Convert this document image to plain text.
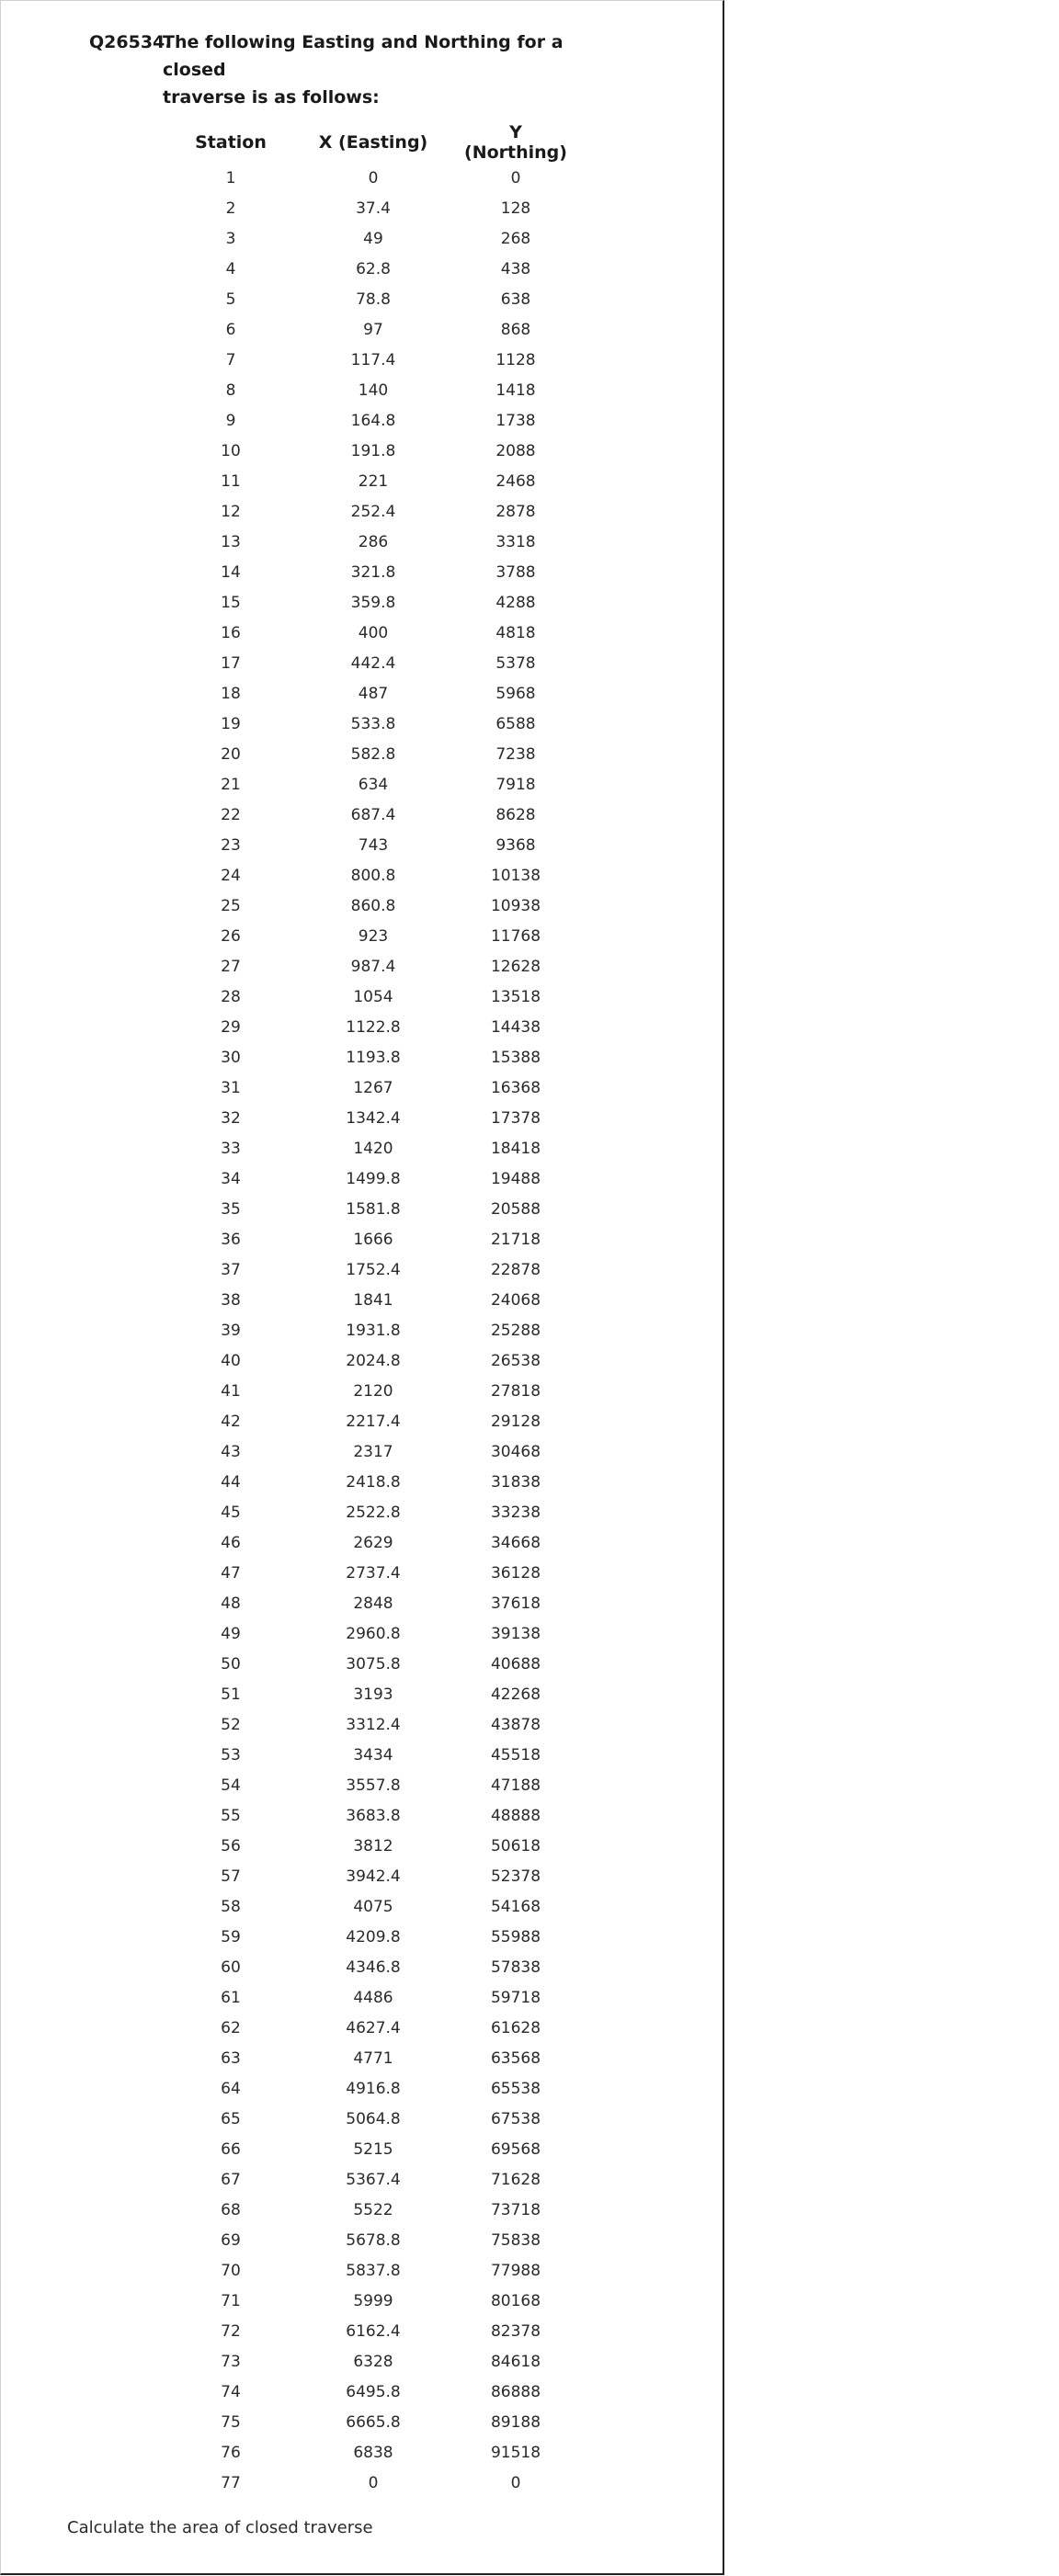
Q26534.
The following Easting and Northing for a closed
traverse is as follows:
Station	X (Easting)	Y (Northing)
1	0	0
2	37.4	128
3	49	268
4	62.8	438
5	78.8	638
6	97	868
7	117.4	1128
8	140	1418
9	164.8	1738
10	191.8	2088
11	221	2468
12	252.4	2878
13	286	3318
14	321.8	3788
15	359.8	4288
16	400	4818
17	442.4	5378
18	487	5968
19	533.8	6588
20	582.8	7238
21	634	7918
22	687.4	8628
23	743	9368
24	800.8	10138
25	860.8	10938
26	923	11768
27	987.4	12628
28	1054	13518
29	1122.8	14438
30	1193.8	15388
31	1267	16368
32	1342.4	17378
33	1420	18418
34	1499.8	19488
35	1581.8	20588
36	1666	21718
37	1752.4	22878
38	1841	24068
39	1931.8	25288
40	2024.8	26538
41	2120	27818
42	2217.4	29128
43	2317	30468
44	2418.8	31838
45	2522.8	33238
46	2629	34668
47	2737.4	36128
48	2848	37618
49	2960.8	39138
50	3075.8	40688
51	3193	42268
52	3312.4	43878
53	3434	45518
54	3557.8	47188
55	3683.8	48888
56	3812	50618
57	3942.4	52378
58	4075	54168
59	4209.8	55988
60	4346.8	57838
61	4486	59718
62	4627.4	61628
63	4771	63568
64	4916.8	65538
65	5064.8	67538
66	5215	69568
67	5367.4	71628
68	5522	73718
69	5678.8	75838
70	5837.8	77988
71	5999	80168
72	6162.4	82378
73	6328	84618
74	6495.8	86888
75	6665.8	89188
76	6838	91518
77	0	0
Calculate the area of closed traverse
